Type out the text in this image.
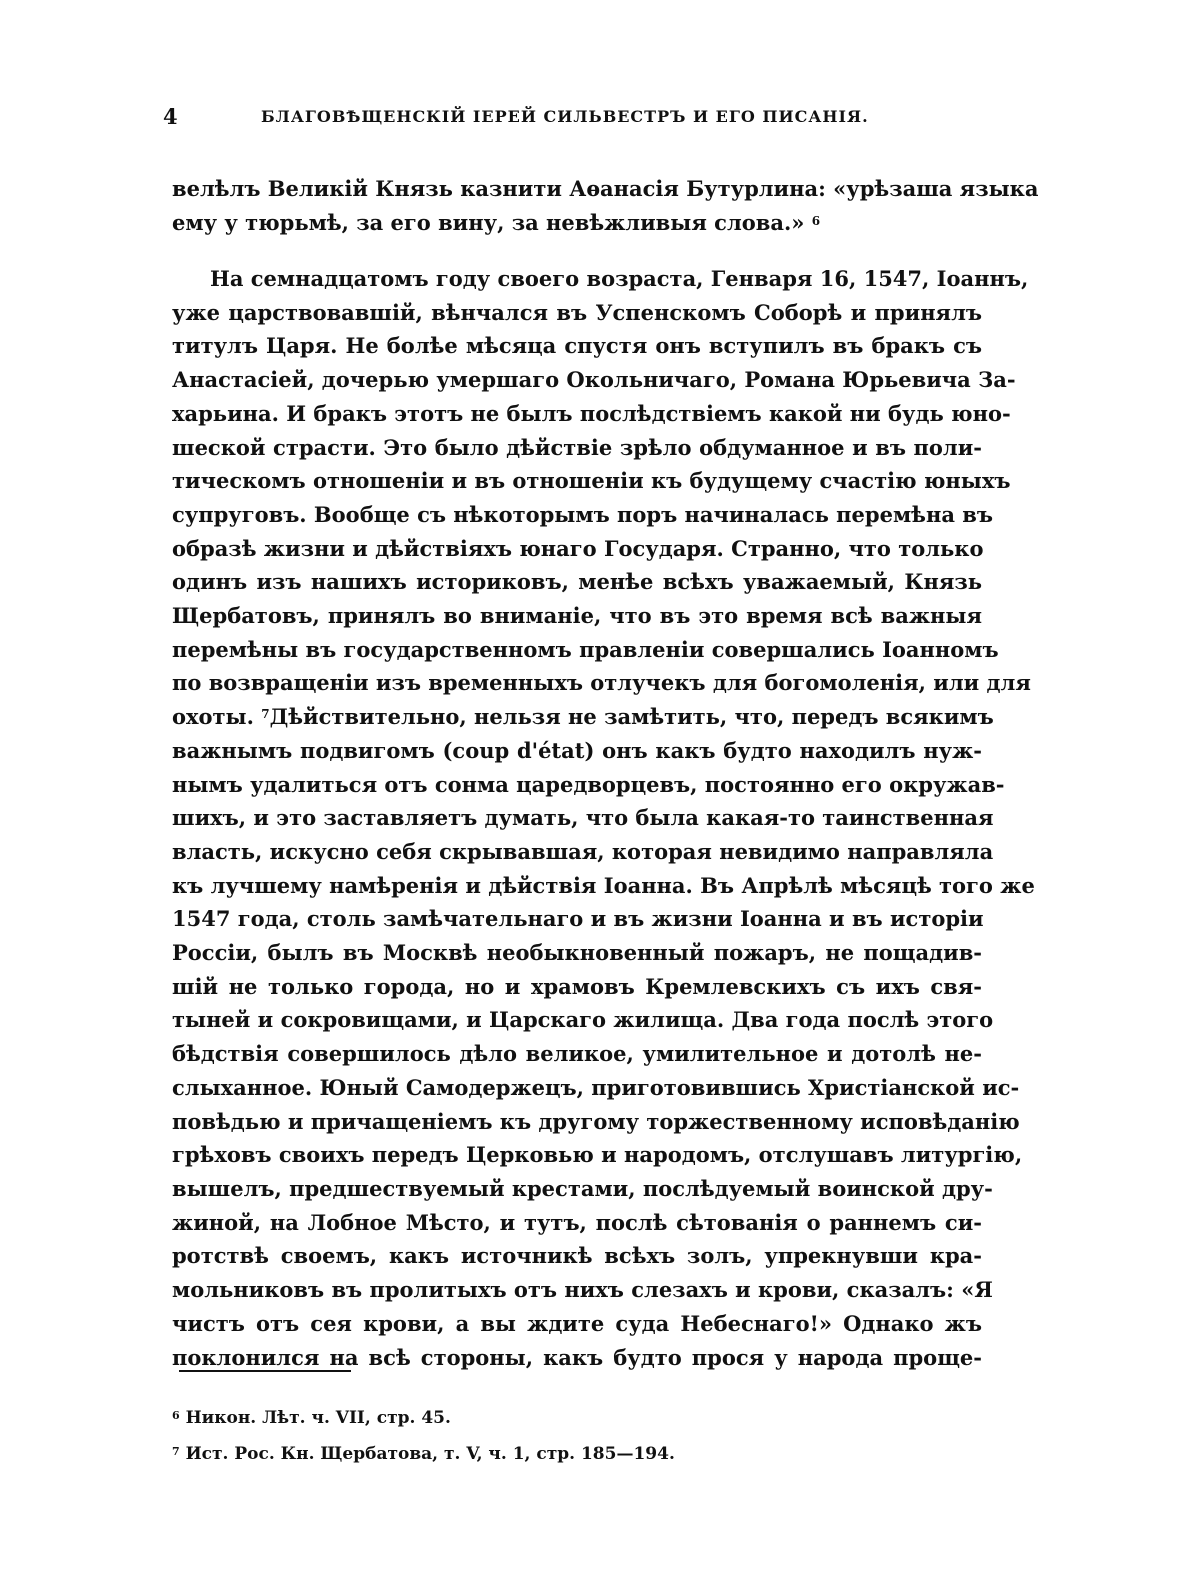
4	БЛАГОВѢЩЕНСКІЙ ІЕРЕЙ СИЛЬВЕСТРЪ И ЕГО ПИСАНІЯ.
велѣлъ Великій Князь казнити Аѳанасія Бутурлина: «урѣзаша языка
ему у тюрьмѣ, за его вину, за невѣжливыя слова.» $^6$
На семнадцатомъ году своего возраста, Генваря 16, 1547, Іоаннъ,
уже царствовавшій, вѣнчался въ Успенскомъ Соборѣ и принялъ
титулъ Царя. Не болѣе мѣсяца спустя онъ вступилъ въ бракъ съ
Анастасіей, дочерью умершаго Окольничаго, Романа Юрьевича За-
харьина. И бракъ этотъ не былъ послѣдствіемъ какой ни будь юно-
шеской страсти. Это было дѣйствіе зрѣло обдуманное и въ поли-
тическомъ отношеніи и въ отношеніи къ будущему счастію юныхъ
супруговъ. Вообще съ нѣкоторымъ поръ начиналась перемѣна въ
образѣ жизни и дѣйствіяхъ юнаго Государя. Странно, что только
одинъ изъ нашихъ историковъ, менѣе всѣхъ уважаемый, Князь
Щербатовъ, принялъ во вниманіе, что въ это время всѣ важныя
перемѣны въ государственномъ правленіи совершались Іоанномъ
по возвращеніи изъ временныхъ отлучекъ для богомоленія, или для
охоты. $^7$Дѣйствительно, нельзя не замѣтить, что, передъ всякимъ
важнымъ подвигомъ (coup d'état) онъ какъ будто находилъ нуж-
нымъ удалиться отъ сонма царедворцевъ, постоянно его окружав-
шихъ, и это заставляетъ думать, что была какая-то таинственная
власть, искусно себя скрывавшая, которая невидимо направляла
къ лучшему намѣренія и дѣйствія Іоанна. Въ Апрѣлѣ мѣсяцѣ того же
1547 года, столь замѣчательнаго и въ жизни Іоанна и въ исторіи
Россіи, былъ въ Москвѣ необыкновенный пожаръ, не пощадив-
шій не только города, но и храмовъ Кремлевскихъ съ ихъ свя-
тыней и сокровищами, и Царскаго жилища. Два года послѣ этого
бѣдствія совершилось дѣло великое, умилительное и дотолѣ не-
слыханное. Юный Самодержецъ, приготовившись Христіанской ис-
повѣдью и причащеніемъ къ другому торжественному исповѣданію
грѣховъ своихъ передъ Церковью и народомъ, отслушавъ литургію,
вышелъ, предшествуемый крестами, послѣдуемый воинской дру-
жиной, на Лобное Мѣсто, и тутъ, послѣ сѣтованія о раннемъ си-
ротствѣ своемъ, какъ источникѣ всѣхъ золъ, упрекнувши кра-
мольниковъ въ пролитыхъ отъ нихъ слезахъ и крови, сказалъ: «Я
чистъ отъ сея крови, а вы ждите суда Небеснаго!» Однако жъ
поклонился на всѣ стороны, какъ будто прося у народа проще-
$^6$ Никон. Лѣт. ч. VII, стр. 45.
$^7$ Ист. Рос. Кн. Щербатова, т. V, ч. 1, стр. 185—194.
